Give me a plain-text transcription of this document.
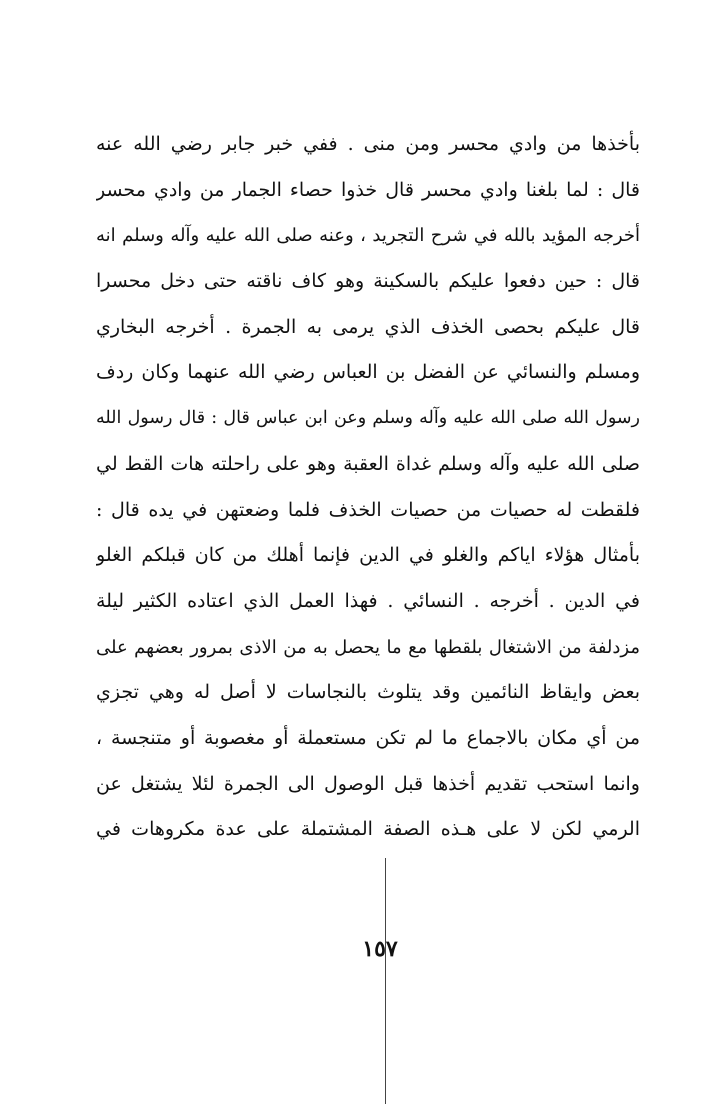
بأخذها من وادي محسر ومن منى . ففي خبر جابر رضي الله عنه
قال : لما بلغنا وادي محسر قال خذوا حصاء الجمار من وادي محسر
أخرجه المؤيد بالله في شرح التجريد ، وعنه صلى الله عليه وآله وسلم انه
قال : حين دفعوا عليكم بالسكينة وهو كاف ناقته حتى دخل محسرا
قال عليكم بحصى الخذف الذي يرمى به الجمرة . أخرجه البخاري
ومسلم والنسائي عن الفضل بن العباس رضي الله عنهما وكان ردف
رسول الله صلى الله عليه وآله وسلم وعن ابن عباس قال : قال رسول الله
صلى الله عليه وآله وسلم غداة العقبة وهو على راحلته هات القط لي
فلقطت له حصيات من حصيات الخذف فلما وضعتهن في يده قال :
بأمثال هؤلاء اياكم والغلو في الدين فإنما أهلك من كان قبلكم الغلو
في الدين . أخرجه . النسائي . فهذا العمل الذي اعتاده الكثير ليلة
مزدلفة من الاشتغال بلقطها مع ما يحصل به من الاذى بمرور بعضهم على
بعض وايقاظ النائمين وقد يتلوث بالنجاسات لا أصل له وهي تجزي
من أي مكان بالاجماع ما لم تكن مستعملة أو مغصوبة أو متنجسة ،
وانما استحب تقديم أخذها قبل الوصول الى الجمرة لئلا يشتغل عن
الرمي لكن لا على هـذه الصفة المشتملة على عدة مكروهات في
١٥٧
